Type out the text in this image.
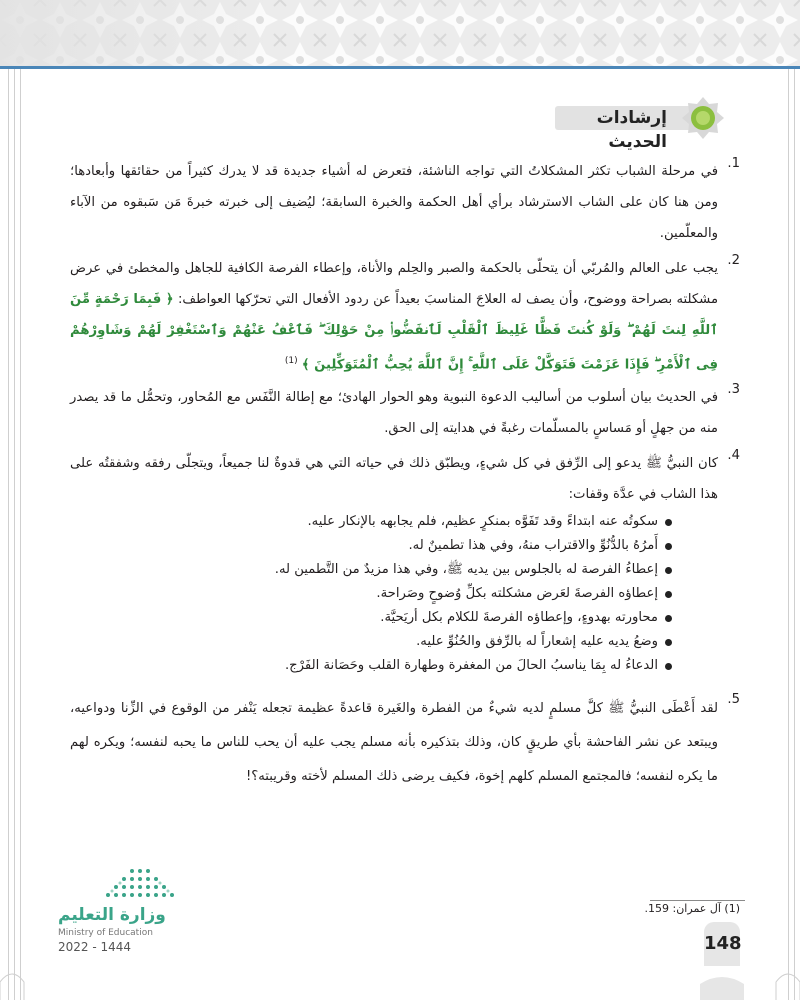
إرشادات الحديث
.1
في مرحلة الشباب تكثر المشكلاتُ التي تواجه الناشئة، فتعرض له أشياء جديدة قد لا يدرك كثيراً من حقائقها وأبعادها؛ ومن هنا كان على الشاب الاسترشاد برأي أهل الحكمة والخبرة السابقة؛ ليُضيف إلى خبرته خبرةَ مَن سَبقوه من الآباء والمعلّمين.
.2
يجب على العالم والمُربّي أن يتحلّى بالحكمة والصبر والحِلم والأناة، وإعطاء الفرصة الكافية للجاهل والمخطئ في عرض مشكلته بصراحة ووضوح، وأن يصف له العلاجَ المناسبَ بعيداً عن ردود الأفعال التي تحرّكها العواطف: ﴿ فَبِمَا رَحْمَةٍ مِّنَ ٱللَّهِ لِنتَ لَهُمْ ۖ وَلَوْ كُنتَ فَظًّا غَلِيظَ ٱلْقَلْبِ لَٱنفَضُّوا۟ مِنْ حَوْلِكَ ۖ فَٱعْفُ عَنْهُمْ وَٱسْتَغْفِرْ لَهُمْ وَشَاوِرْهُمْ فِى ٱلْأَمْرِ ۖ فَإِذَا عَزَمْتَ فَتَوَكَّلْ عَلَى ٱللَّهِ ۚ إِنَّ ٱللَّهَ يُحِبُّ ٱلْمُتَوَكِّلِينَ ﴾ $^{(1)}$
.3
في الحديث بيان أسلوب من أساليب الدعوة النبوية وهو الحوار الهادئ؛ مع إطالة النَّفَس مع المُحاور، وتحمُّل ما قد يصدر منه من جهلٍ أو مَساسٍ بالمسلّمات رغبةً في هدايته إلى الحق.
.4
كان النبيُّ ﷺ يدعو إلى الرِّفق في كل شيءٍ، ويطبّق ذلك في حياته التي هي قدوةٌ لنا جميعاً، ويتجلّى رفقه وشفقتُه على هذا الشاب في عدَّة وقفات:
سكوتُه عنه ابتداءً وقد تَفَوَّه بمنكرٍ عظيم، فلم يجابهه بالإنكار عليه.
أَمرُهُ بالدُّنُوِّ والاقتراب منهُ، وفي هذا تطمينٌ له.
إعطاءُ الفرصة له بالجلوس بين يديه ﷺ، وفي هذا مزيدٌ من التَّطمين له.
إعطاؤه الفرصةَ لعَرض مشكلته بكلِّ وُضوحٍ وصَراحة.
محاورته بهدوءٍ، وإعطاؤه الفرصةَ للكلام بكل أريَحيَّة.
وضعُ يديه عليه إشعاراً له بالرِّفق والحُنُوِّ عليه.
الدعاءُ له بِمَا يناسبُ الحالَ من المغفرة وطهارة القلب وحَصَانة الفَرْج.
.5
لقد أَعْطَى النبيُّ ﷺ كلَّ مسلمٍ لديه شيءٌ من الفطرة والغَيرة قاعدةً عظيمة تجعله يَنْفر من الوقوع في الزِّنا ودواعيه، ويبتعد عن نشر الفاحشة بأي طريقٍ كان، وذلك بتذكيره بأنه مسلم يجب عليه أن يحب للناس ما يحبه لنفسه؛ ويكره لهم ما يكره لنفسه؛ فالمجتمع المسلم كلهم إخوة، فكيف يرضى ذلك المسلم لأخته وقريبته؟!
وزارة التعليم
Ministry of Education
2022 - 1444
(1) آل عمران: 159.
148
